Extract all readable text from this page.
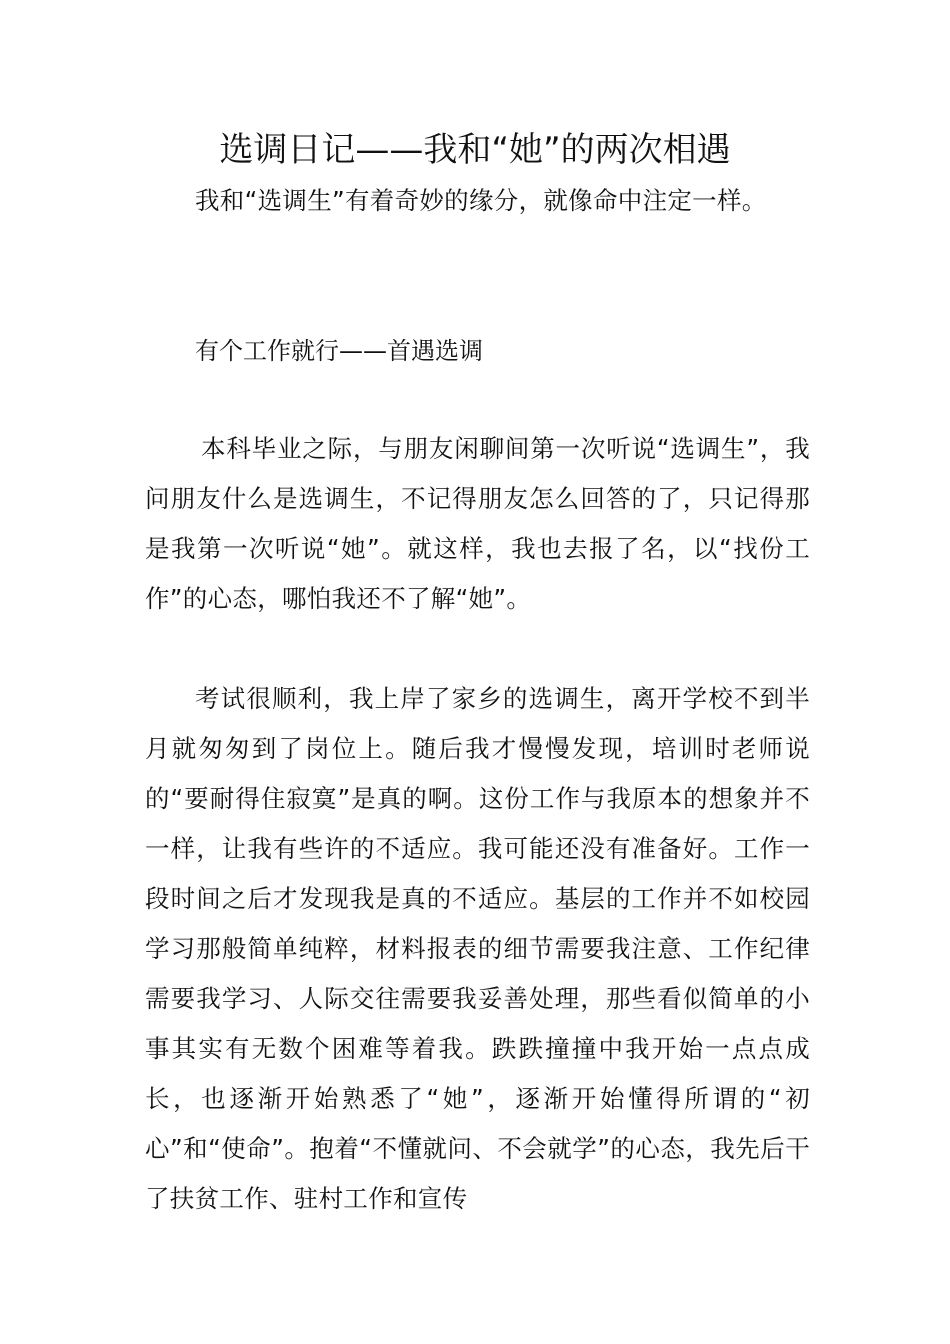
选调日记——我和“她”的两次相遇

我和“选调生”有着奇妙的缘分，就像命中注定一样。

有个工作就行——首遇选调

本科毕业之际，与朋友闲聊间第一次听说“选调生”，我问朋友什么是选调生，不记得朋友怎么回答的了，只记得那是我第一次听说“她”。就这样，我也去报了名，以“找份工作”的心态，哪怕我还不了解“她”。

考试很顺利，我上岸了家乡的选调生，离开学校不到半月就匆匆到了岗位上。随后我才慢慢发现，培训时老师说的“要耐得住寂寞”是真的啊。这份工作与我原本的想象并不一样，让我有些许的不适应。我可能还没有准备好。工作一段时间之后才发现我是真的不适应。基层的工作并不如校园学习那般简单纯粹，材料报表的细节需要我注意、工作纪律需要我学习、人际交往需要我妥善处理，那些看似简单的小事其实有无数个困难等着我。跌跌撞撞中我开始一点点成长，也逐渐开始熟悉了“她”，逐渐开始懂得所谓的“初心”和“使命”。抱着“不懂就问、不会就学”的心态，我先后干了扶贫工作、驻村工作和宣传
